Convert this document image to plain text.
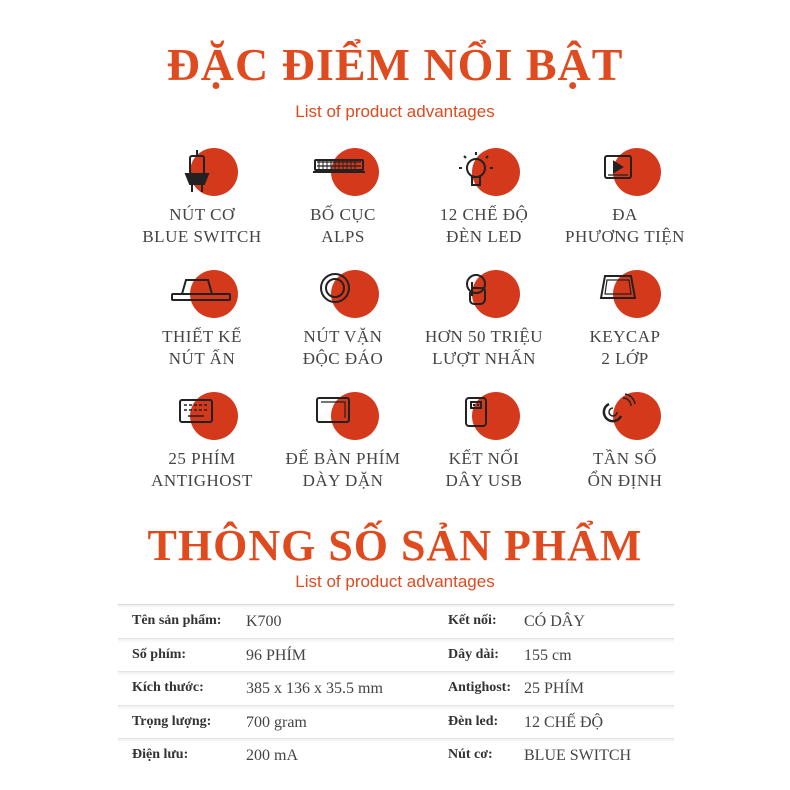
ĐẶC ĐIỂM NỔI BẬT
List of product advantages
NÚT CƠ
BLUE SWITCH
BỐ CỤC
ALPS
12 CHẾ ĐỘ
ĐÈN LED
ĐA
PHƯƠNG TIỆN
THIẾT KẾ
NÚT ẤN
NÚT VẶN
ĐỘC ĐÁO
HƠN 50 TRIỆU
LƯỢT NHẤN
KEYCAP
2 LỚP
25 PHÍM
ANTIGHOST
ĐẾ BÀN PHÍM
DÀY DẶN
KẾT NỐI
DÂY USB
TẦN SỐ
ỔN ĐỊNH
THÔNG SỐ SẢN PHẨM
List of product advantages
Tên sản phẩm: K700	Kết nối: CÓ DÂY
Số phím:	96 PHÍM	Dây dài: 155 cm
Kích thước:	385 x 136 x 35.5 mm	Antighost: 25 PHÍM
Trọng lượng: 700 gram	Đèn led: 12 CHẾ ĐỘ
Điện lưu:	200 mA	Nút cơ: BLUE SWITCH
